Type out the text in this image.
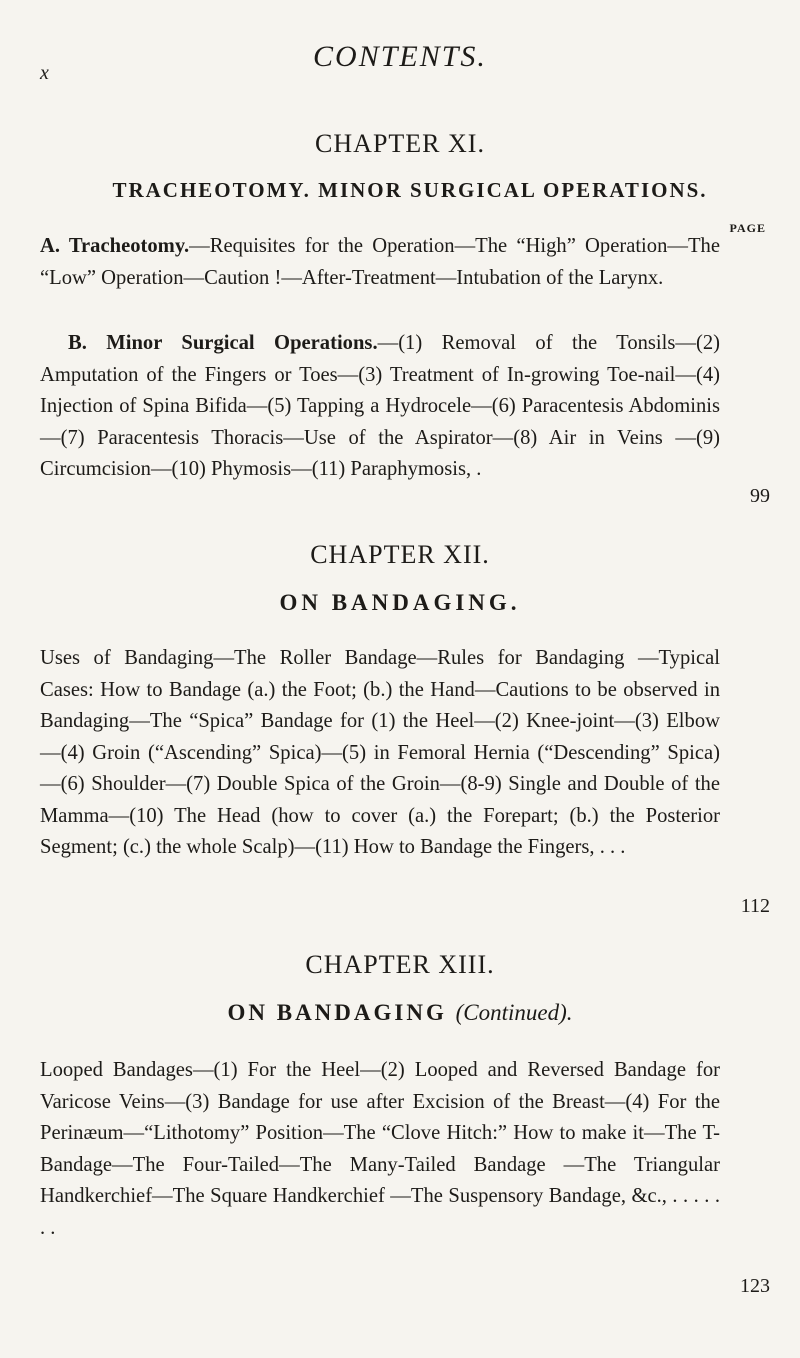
x	CONTENTS.
CHAPTER XI.
TRACHEOTOMY. MINOR SURGICAL OPERATIONS.
PAGE
A. Tracheotomy.—Requisites for the Operation—The “High” Operation—The “Low” Operation—Caution !—After-Treatment—Intubation of the Larynx.
B. Minor Surgical Operations.—(1) Removal of the Tonsils—(2) Amputation of the Fingers or Toes—(3) Treatment of In-growing Toe-nail—(4) Injection of Spina Bifida—(5) Tapping a Hydrocele—(6) Paracentesis Abdominis—(7) Paracentesis Thoracis—Use of the Aspirator—(8) Air in Veins —(9) Circumcision—(10) Phymosis—(11) Paraphymosis, .
99
CHAPTER XII.
ON BANDAGING.
Uses of Bandaging—The Roller Bandage—Rules for Bandaging —Typical Cases: How to Bandage (a.) the Foot; (b.) the Hand—Cautions to be observed in Bandaging—The “Spica” Bandage for (1) the Heel—(2) Knee-joint—(3) Elbow—(4) Groin (“Ascending” Spica)—(5) in Femoral Hernia (“Descending” Spica)—(6) Shoulder—(7) Double Spica of the Groin—(8-9) Single and Double of the Mamma—(10) The Head (how to cover (a.) the Forepart; (b.) the Posterior Segment; (c.) the whole Scalp)—(11) How to Bandage the Fingers, . . .
112
CHAPTER XIII.
ON BANDAGING (Continued).
Looped Bandages—(1) For the Heel—(2) Looped and Reversed Bandage for Varicose Veins—(3) Bandage for use after Excision of the Breast—(4) For the Perinæum—“Lithotomy” Position—The “Clove Hitch:” How to make it—The T-Bandage—The Four-Tailed—The Many-Tailed Bandage —The Triangular Handkerchief—The Square Handkerchief —The Suspensory Bandage, &c., . . . . . . .
123
